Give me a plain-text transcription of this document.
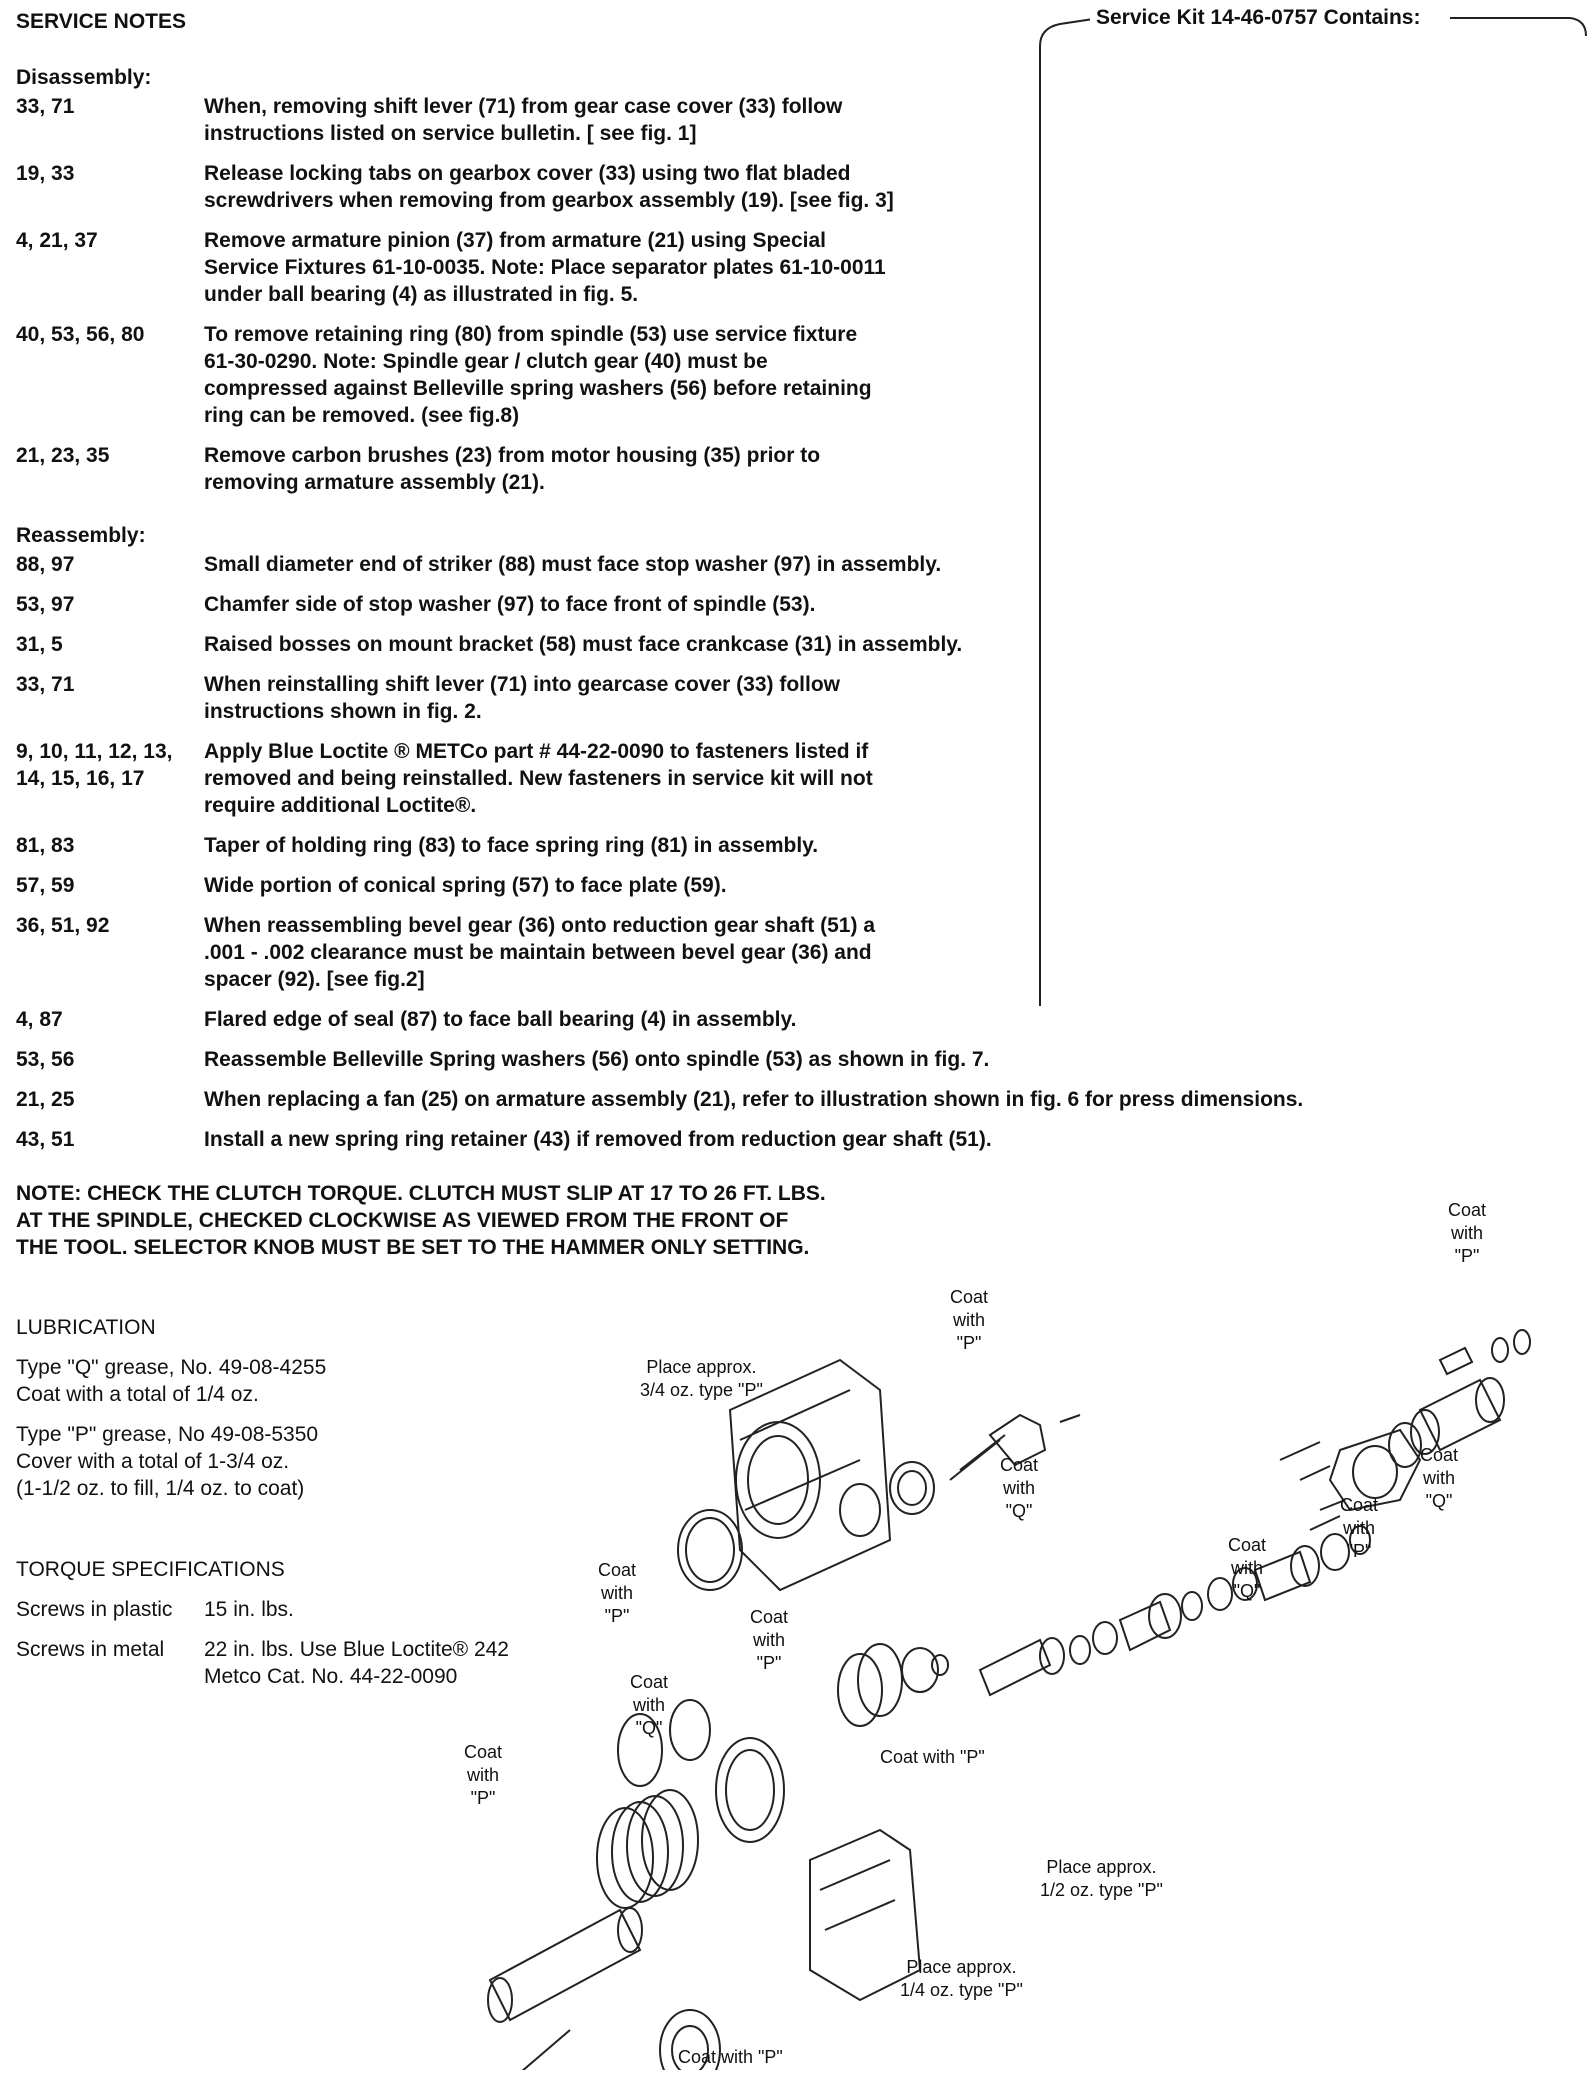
SERVICE NOTES	Service Kit 14-46-0757 Contains:
Disassembly:
33, 71	When, removing shift lever (71) from gear case cover (33) follow
instructions listed on service bulletin. [ see fig. 1]
19, 33	Release locking tabs on gearbox cover (33) using two flat bladed
screwdrivers when removing from gearbox assembly (19). [see fig. 3]
4, 21, 37	Remove armature pinion (37) from armature (21) using Special
Service Fixtures 61-10-0035. Note: Place separator plates 61-10-0011
under ball bearing (4) as illustrated in fig. 5.
40, 53, 56, 80	To remove retaining ring (80) from spindle (53) use service fixture
61-30-0290. Note: Spindle gear / clutch gear (40) must be
compressed against Belleville spring washers (56) before retaining
ring can be removed. (see fig.8)
21, 23, 35	Remove carbon brushes (23) from motor housing (35) prior to
removing armature assembly (21).
Reassembly:
88, 97	Small diameter end of striker (88) must face stop washer (97) in assembly.
53, 97	Chamfer side of stop washer (97) to face front of spindle (53).
31, 5	Raised bosses on mount bracket (58) must face crankcase (31) in assembly.
33, 71	When reinstalling shift lever (71) into gearcase cover (33) follow
instructions shown in fig. 2.
9, 10, 11, 12, 13,
14, 15, 16, 17
Apply Blue Loctite ® METCo part # 44-22-0090 to fasteners listed if
removed and being reinstalled. New fasteners in service kit will not
require additional Loctite®.
81, 83	Taper of holding ring (83) to face spring ring (81) in assembly.
57, 59	Wide portion of conical spring (57) to face plate (59).
36, 51, 92	When reassembling bevel gear (36) onto reduction gear shaft (51) a
.001 - .002 clearance must be maintain between bevel gear (36) and
spacer (92). [see fig.2]
4, 87	Flared edge of seal (87) to face ball bearing (4) in assembly.
53, 56	Reassemble Belleville Spring washers (56) onto spindle (53) as shown in fig. 7.
21, 25	When replacing a fan (25) on armature assembly (21), refer to illustration shown in fig. 6 for press dimensions.
43, 51	Install a new spring ring retainer (43) if removed from reduction gear shaft (51).
NOTE: CHECK THE CLUTCH TORQUE. CLUTCH MUST SLIP AT 17 TO 26 FT. LBS.
AT THE SPINDLE, CHECKED CLOCKWISE AS VIEWED FROM THE FRONT OF
THE TOOL. SELECTOR KNOB MUST BE SET TO THE HAMMER ONLY SETTING.
LUBRICATION
Type "Q" grease, No. 49-08-4255
Coat with a total of 1/4 oz.
Type "P" grease, No 49-08-5350
Cover with a total of 1-3/4 oz.
(1-1/2 oz. to fill, 1/4 oz. to coat)
TORQUE SPECIFICATIONS
Screws in plastic	15 in. lbs.
Screws in metal	22 in. lbs. Use Blue Loctite® 242
Metco Cat. No. 44-22-0090
Coat
with
"P"
Place approx.
3/4 oz. type "P"
Coat
with
"P"
Coat
with
"Q"
Coat
with
"Q"
Coat
with
"P"
Coat
with
"Q"
Coat
with
"P"	Coat
with
"P"
Coat
with
"Q"
Coat
with
"P"
Coat with "P"
Place approx.
1/2 oz. type "P"
Place approx.
1/4 oz. type "P"
Coat with "P"
